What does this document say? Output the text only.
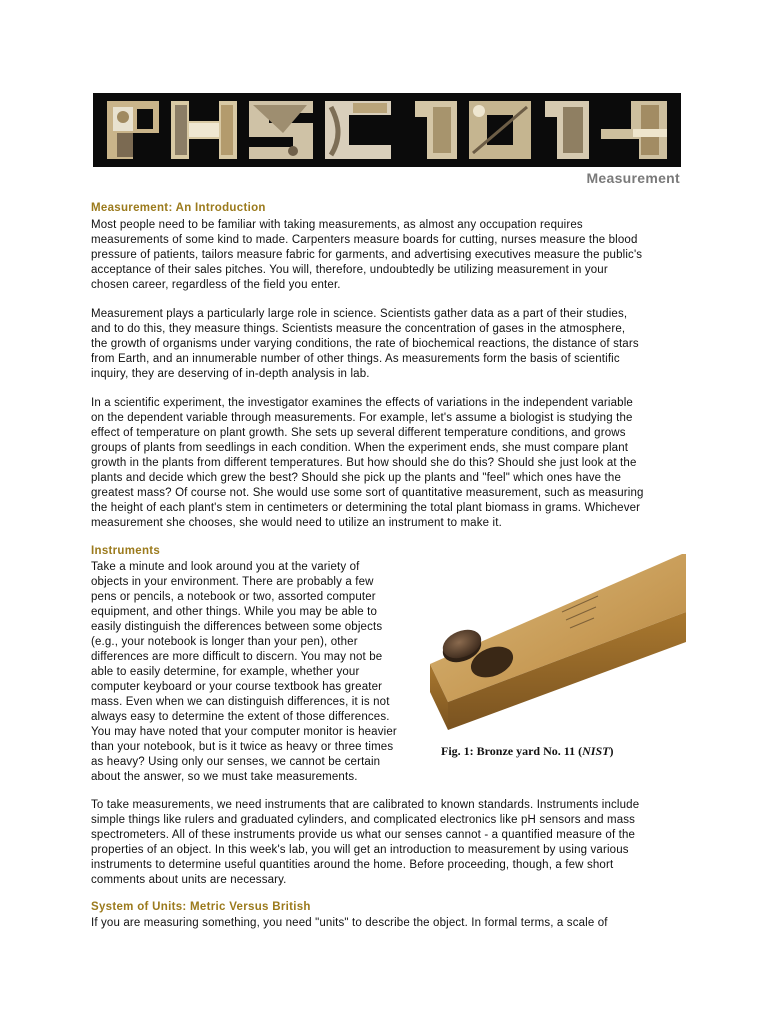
Measurement
Measurement: An Introduction

Most people need to be familiar with taking measurements, as almost any occupation requires
measurements of some kind to made. Carpenters measure boards for cutting, nurses measure the blood
pressure of patients, tailors measure fabric for garments, and advertising executives measure the public's
acceptance of their sales pitches. You will, therefore, undoubtedly be utilizing measurement in your
chosen career, regardless of the field you enter.

Measurement plays a particularly large role in science. Scientists gather data as a part of their studies,
and to do this, they measure things. Scientists measure the concentration of gases in the atmosphere,
the growth of organisms under varying conditions, the rate of biochemical reactions, the distance of stars
from Earth, and an innumerable number of other things. As measurements form the basis of scientific
inquiry, they are deserving of in-depth analysis in lab.

In a scientific experiment, the investigator examines the effects of variations in the independent variable
on the dependent variable through measurements. For example, let's assume a biologist is studying the
effect of temperature on plant growth. She sets up several different temperature conditions, and grows
groups of plants from seedlings in each condition. When the experiment ends, she must compare plant
growth in the plants from different temperatures. But how should she do this? Should she just look at the
plants and decide which grew the best? Should she pick up the plants and "feel" which ones have the
greatest mass? Of course not. She would use some sort of quantitative measurement, such as measuring
the height of each plant's stem in centimeters or determining the total plant biomass in grams. Whichever
measurement she chooses, she would need to utilize an instrument to make it.

Instruments

Take a minute and look around you at the variety of
objects in your environment. There are probably a few
pens or pencils, a notebook or two, assorted computer
equipment, and other things. While you may be able to
easily distinguish the differences between some objects
(e.g., your notebook is longer than your pen), other
differences are more difficult to discern. You may not be
able to easily determine, for example, whether your
computer keyboard or your course textbook has greater
mass. Even when we can distinguish differences, it is not
always easy to determine the extent of those differences.
You may have noted that your computer monitor is heavier
than your notebook, but is it twice as heavy or three times
as heavy? Using only our senses, we cannot be certain
about the answer, so we must take measurements.

Fig. 1: Bronze yard No. 11 (NIST)

To take measurements, we need instruments that are calibrated to known standards. Instruments include
simple things like rulers and graduated cylinders, and complicated electronics like pH sensors and mass
spectrometers. All of these instruments provide us what our senses cannot - a quantified measure of the
properties of an object. In this week's lab, you will get an introduction to measurement by using various
instruments to determine useful quantities around the home. Before proceeding, though, a few short
comments about units are necessary.

System of Units: Metric Versus British

If you are measuring something, you need "units" to describe the object. In formal terms, a scale of
